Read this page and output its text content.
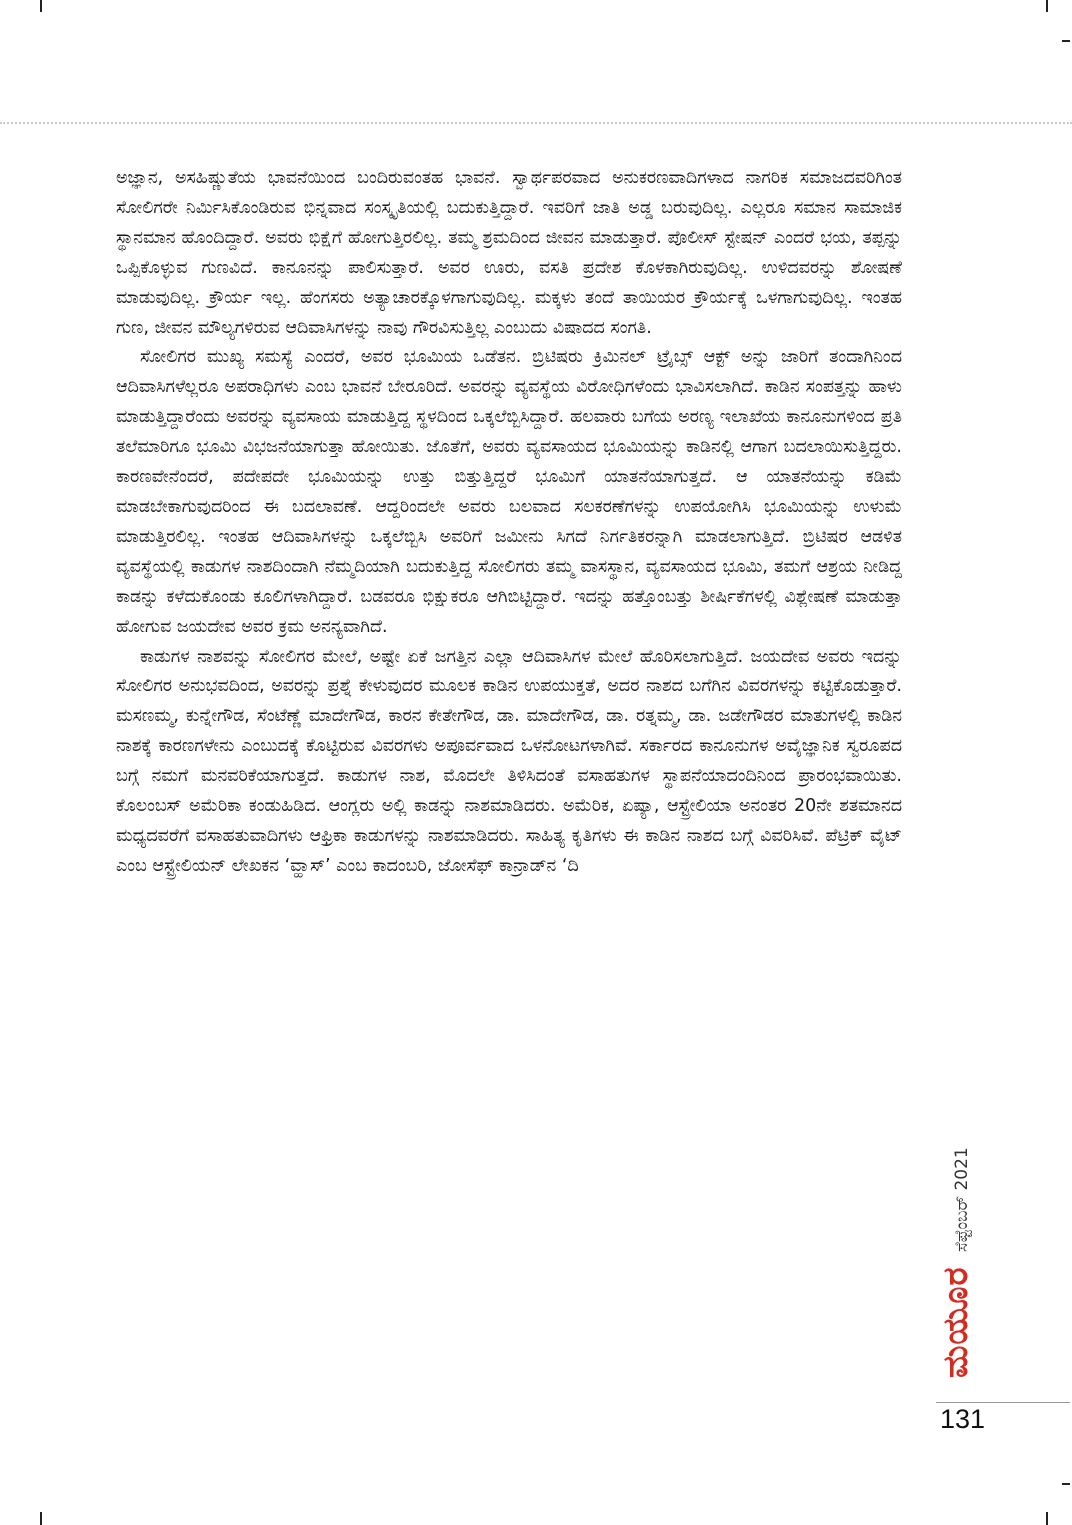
ಅಜ್ಞಾನ, ಅಸಹಿಷ್ಣುತೆಯ ಭಾವನೆಯಿಂದ ಬಂದಿರುವಂತಹ ಭಾವನೆ. ಸ್ವಾರ್ಥಪರವಾದ ಅನುಕರಣವಾದಿಗಳಾದ ನಾಗರಿಕ ಸಮಾಜದವರಿಗಿಂತ ಸೋಲಿಗರೇ ನಿರ್ಮಿಸಿಕೊಂಡಿರುವ ಭಿನ್ನವಾದ ಸಂಸ್ಕೃತಿಯಲ್ಲಿ ಬದುಕುತ್ತಿದ್ದಾರೆ. ಇವರಿಗೆ ಜಾತಿ ಅಡ್ಡ ಬರುವುದಿಲ್ಲ. ಎಲ್ಲರೂ ಸಮಾನ ಸಾಮಾಜಿಕ ಸ್ಥಾನಮಾನ ಹೊಂದಿದ್ದಾರೆ. ಅವರು ಭಿಕ್ಷೆಗೆ ಹೋಗುತ್ತಿರಲಿಲ್ಲ. ತಮ್ಮ ಶ್ರಮದಿಂದ ಜೀವನ ಮಾಡುತ್ತಾರೆ. ಪೊಲೀಸ್ ಸ್ಟೇಷನ್ ಎಂದರೆ ಭಯ, ತಪ್ಪನ್ನು ಒಪ್ಪಿಕೊಳ್ಳುವ ಗುಣವಿದೆ. ಕಾನೂನನ್ನು ಪಾಲಿಸುತ್ತಾರೆ. ಅವರ ಊರು, ವಸತಿ ಪ್ರದೇಶ ಕೊಳಕಾಗಿರುವುದಿಲ್ಲ. ಉಳಿದವರನ್ನು ಶೋಷಣೆ ಮಾಡುವುದಿಲ್ಲ. ಕ್ರೌರ್ಯ ಇಲ್ಲ. ಹೆಂಗಸರು ಅತ್ಯಾಚಾರಕ್ಕೊಳಗಾಗುವುದಿಲ್ಲ. ಮಕ್ಕಳು ತಂದೆ ತಾಯಿಯರ ಕ್ರೌರ್ಯಕ್ಕೆ ಒಳಗಾಗುವುದಿಲ್ಲ. ಇಂತಹ ಗುಣ, ಜೀವನ ಮೌಲ್ಯಗಳಿರುವ ಆದಿವಾಸಿಗಳನ್ನು ನಾವು ಗೌರವಿಸುತ್ತಿಲ್ಲ ಎಂಬುದು ವಿಷಾದದ ಸಂಗತಿ.

ಸೋಲಿಗರ ಮುಖ್ಯ ಸಮಸ್ಯೆ ಎಂದರೆ, ಅವರ ಭೂಮಿಯ ಒಡೆತನ. ಬ್ರಿಟಿಷರು ಕ್ರಿಮಿನಲ್ ಟ್ರೈಬ್ಸ್ ಆಕ್ಟ್ ಅನ್ನು ಜಾರಿಗೆ ತಂದಾಗಿನಿಂದ ಆದಿವಾಸಿಗಳೆಲ್ಲರೂ ಅಪರಾಧಿಗಳು ಎಂಬ ಭಾವನೆ ಬೇರೂರಿದೆ. ಅವರನ್ನು ವ್ಯವಸ್ಥೆಯ ವಿರೋಧಿಗಳೆಂದು ಭಾವಿಸಲಾಗಿದೆ. ಕಾಡಿನ ಸಂಪತ್ತನ್ನು ಹಾಳು ಮಾಡುತ್ತಿದ್ದಾರೆಂದು ಅವರನ್ನು ವ್ಯವಸಾಯ ಮಾಡುತ್ತಿದ್ದ ಸ್ಥಳದಿಂದ ಒಕ್ಕಲೆಬ್ಬಿಸಿದ್ದಾರೆ. ಹಲವಾರು ಬಗೆಯ ಅರಣ್ಯ ಇಲಾಖೆಯ ಕಾನೂನುಗಳಿಂದ ಪ್ರತಿ ತಲೆಮಾರಿಗೂ ಭೂಮಿ ವಿಭಜನೆಯಾಗುತ್ತಾ ಹೋಯಿತು. ಜೊತೆಗೆ, ಅವರು ವ್ಯವಸಾಯದ ಭೂಮಿಯನ್ನು ಕಾಡಿನಲ್ಲಿ ಆಗಾಗ ಬದಲಾಯಿಸುತ್ತಿದ್ದರು. ಕಾರಣವೇನೆಂದರೆ, ಪದೇಪದೇ ಭೂಮಿಯನ್ನು ಉತ್ತು ಬಿತ್ತುತ್ತಿದ್ದರೆ ಭೂಮಿಗೆ ಯಾತನೆಯಾಗುತ್ತದೆ. ಆ ಯಾತನೆಯನ್ನು ಕಡಿಮೆ ಮಾಡಬೇಕಾಗುವುದರಿಂದ ಈ ಬದಲಾವಣೆ. ಆದ್ದರಿಂದಲೇ ಅವರು ಬಲವಾದ ಸಲಕರಣೆಗಳನ್ನು ಉಪಯೋಗಿಸಿ ಭೂಮಿಯನ್ನು ಉಳುಮೆ ಮಾಡುತ್ತಿರಲಿಲ್ಲ. ಇಂತಹ ಆದಿವಾಸಿಗಳನ್ನು ಒಕ್ಕಲೆಬ್ಬಿಸಿ ಅವರಿಗೆ ಜಮೀನು ಸಿಗದೆ ನಿರ್ಗತಿಕರನ್ನಾಗಿ ಮಾಡಲಾಗುತ್ತಿದೆ. ಬ್ರಿಟಿಷರ ಆಡಳಿತ ವ್ಯವಸ್ಥೆಯಲ್ಲಿ ಕಾಡುಗಳ ನಾಶದಿಂದಾಗಿ ನೆಮ್ಮದಿಯಾಗಿ ಬದುಕುತ್ತಿದ್ದ ಸೋಲಿಗರು ತಮ್ಮ ವಾಸಸ್ಥಾನ, ವ್ಯವಸಾಯದ ಭೂಮಿ, ತಮಗೆ ಆಶ್ರಯ ನೀಡಿದ್ದ ಕಾಡನ್ನು ಕಳೆದುಕೊಂಡು ಕೂಲಿಗಳಾಗಿದ್ದಾರೆ. ಬಡವರೂ ಭಿಕ್ಷುಕರೂ ಆಗಿಬಿಟ್ಟಿದ್ದಾರೆ. ಇದನ್ನು ಹತ್ತೊಂಬತ್ತು ಶೀರ್ಷಿಕೆಗಳಲ್ಲಿ ವಿಶ್ಲೇಷಣೆ ಮಾಡುತ್ತಾ ಹೋಗುವ ಜಯದೇವ ಅವರ ಕ್ರಮ ಅನನ್ಯವಾಗಿದೆ.

ಕಾಡುಗಳ ನಾಶವನ್ನು ಸೋಲಿಗರ ಮೇಲೆ, ಅಷ್ಟೇ ಏಕೆ ಜಗತ್ತಿನ ಎಲ್ಲಾ ಆದಿವಾಸಿಗಳ ಮೇಲೆ ಹೊರಿಸಲಾಗುತ್ತಿದೆ. ಜಯದೇವ ಅವರು ಇದನ್ನು ಸೋಲಿಗರ ಅನುಭವದಿಂದ, ಅವರನ್ನು ಪ್ರಶ್ನೆ ಕೇಳುವುದರ ಮೂಲಕ ಕಾಡಿನ ಉಪಯುಕ್ತತೆ, ಅದರ ನಾಶದ ಬಗೆಗಿನ ವಿವರಗಳನ್ನು ಕಟ್ಟಿಕೊಡುತ್ತಾರೆ. ಮಸಣಮ್ಮ, ಕುನ್ನೇಗೌಡ, ಸೆಂಟೆಣ್ಣೆ ಮಾದೇಗೌಡ, ಕಾರನ ಕೇತೇಗೌಡ, ಡಾ. ಮಾದೇಗೌಡ, ಡಾ. ರತ್ನಮ್ಮ, ಡಾ. ಜಡೇಗೌಡರ ಮಾತುಗಳಲ್ಲಿ ಕಾಡಿನ ನಾಶಕ್ಕೆ ಕಾರಣಗಳೇನು ಎಂಬುದಕ್ಕೆ ಕೊಟ್ಟಿರುವ ವಿವರಗಳು ಅಪೂರ್ವವಾದ ಒಳನೋಟಗಳಾಗಿವೆ. ಸರ್ಕಾರದ ಕಾನೂನುಗಳ ಅವೈಜ್ಞಾನಿಕ ಸ್ವರೂಪದ ಬಗ್ಗೆ ನಮಗೆ ಮನವರಿಕೆಯಾಗುತ್ತದೆ. ಕಾಡುಗಳ ನಾಶ, ಮೊದಲೇ ತಿಳಿಸಿದಂತೆ ವಸಾಹತುಗಳ ಸ್ಥಾಪನೆಯಾದಂದಿನಿಂದ ಪ್ರಾರಂಭವಾಯಿತು. ಕೊಲಂಬಸ್ ಅಮೆರಿಕಾ ಕಂಡುಹಿಡಿದ. ಆಂಗ್ಲರು ಅಲ್ಲಿ ಕಾಡನ್ನು ನಾಶಮಾಡಿದರು. ಅಮೆರಿಕ, ಏಷ್ಯಾ, ಆಸ್ಟ್ರೇಲಿಯಾ ಅನಂತರ 20ನೇ ಶತಮಾನದ ಮಧ್ಯದವರೆಗೆ ವಸಾಹತುವಾದಿಗಳು ಆಫ್ರಿಕಾ ಕಾಡುಗಳನ್ನು ನಾಶಮಾಡಿದರು. ಸಾಹಿತ್ಯ ಕೃತಿಗಳು ಈ ಕಾಡಿನ ನಾಶದ ಬಗ್ಗೆ ವಿವರಿಸಿವೆ. ಪೆಟ್ರಿಕ್ ವೈಟ್ ಎಂಬ ಆಸ್ಟ್ರೇಲಿಯನ್ ಲೇಖಕನ ‘ವ್ಹಾಸ್’ ಎಂಬ ಕಾದಂಬರಿ, ಜೋಸೆಫ್ ಕಾನ್ರಾಡ್‌ನ ‘ದಿ

ಸೆಪ್ಟೆಂಬರ್ 2021
ಮಯೂರ
131
